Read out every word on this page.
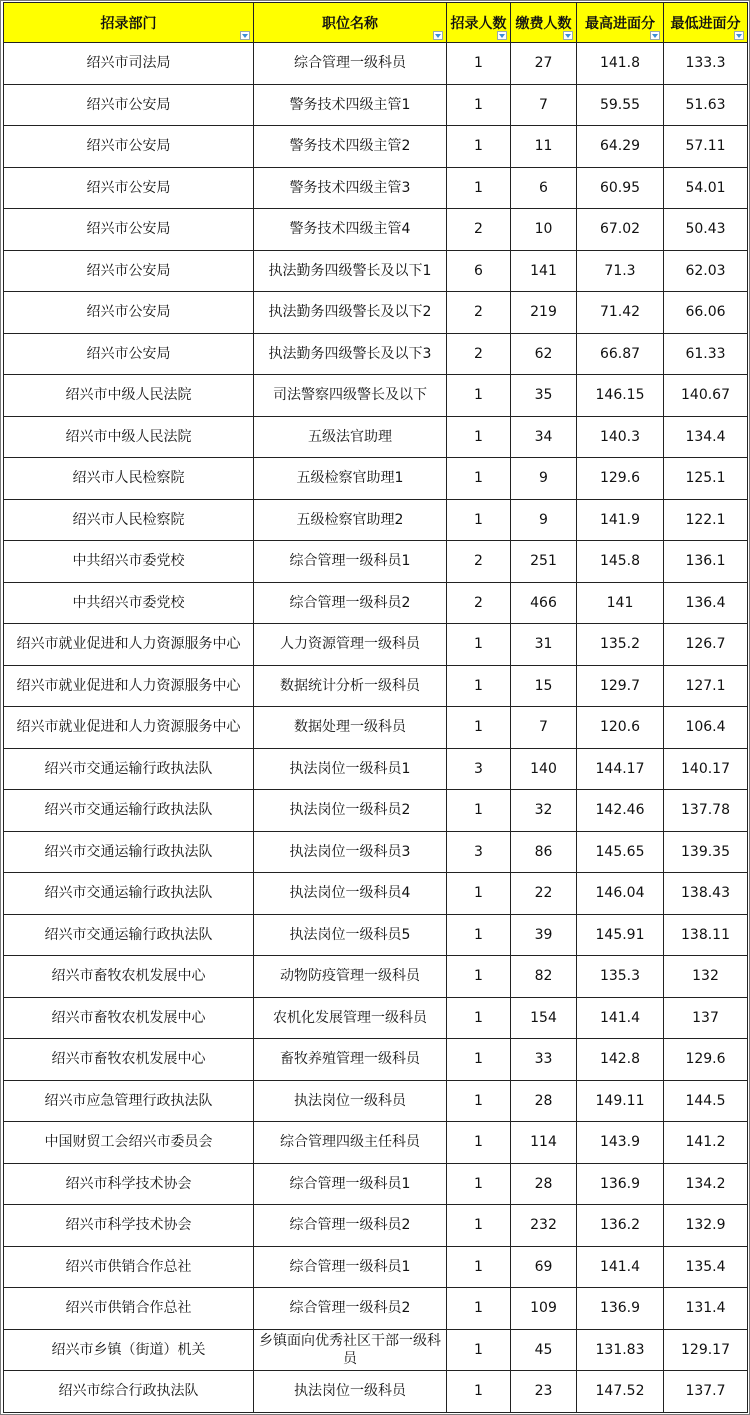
招录部门	职位名称	招录人数	缴费人数	最高进面分	最低进面分

绍兴市司法局	综合管理一级科员	1	27	141.8	133.3
绍兴市公安局	警务技术四级主管1	1	7	59.55	51.63
绍兴市公安局	警务技术四级主管2	1	11	64.29	57.11
绍兴市公安局	警务技术四级主管3	1	6	60.95	54.01
绍兴市公安局	警务技术四级主管4	2	10	67.02	50.43
绍兴市公安局	执法勤务四级警长及以下1	6	141	71.3	62.03
绍兴市公安局	执法勤务四级警长及以下2	2	219	71.42	66.06
绍兴市公安局	执法勤务四级警长及以下3	2	62	66.87	61.33
绍兴市中级人民法院	司法警察四级警长及以下	1	35	146.15	140.67
绍兴市中级人民法院	五级法官助理	1	34	140.3	134.4
绍兴市人民检察院	五级检察官助理1	1	9	129.6	125.1
绍兴市人民检察院	五级检察官助理2	1	9	141.9	122.1
中共绍兴市委党校	综合管理一级科员1	2	251	145.8	136.1
中共绍兴市委党校	综合管理一级科员2	2	466	141	136.4
绍兴市就业促进和人力资源服务中心	人力资源管理一级科员	1	31	135.2	126.7
绍兴市就业促进和人力资源服务中心	数据统计分析一级科员	1	15	129.7	127.1
绍兴市就业促进和人力资源服务中心	数据处理一级科员	1	7	120.6	106.4
绍兴市交通运输行政执法队	执法岗位一级科员1	3	140	144.17	140.17
绍兴市交通运输行政执法队	执法岗位一级科员2	1	32	142.46	137.78
绍兴市交通运输行政执法队	执法岗位一级科员3	3	86	145.65	139.35
绍兴市交通运输行政执法队	执法岗位一级科员4	1	22	146.04	138.43
绍兴市交通运输行政执法队	执法岗位一级科员5	1	39	145.91	138.11
绍兴市畜牧农机发展中心	动物防疫管理一级科员	1	82	135.3	132
绍兴市畜牧农机发展中心	农机化发展管理一级科员	1	154	141.4	137
绍兴市畜牧农机发展中心	畜牧养殖管理一级科员	1	33	142.8	129.6
绍兴市应急管理行政执法队	执法岗位一级科员	1	28	149.11	144.5
中国财贸工会绍兴市委员会	综合管理四级主任科员	1	114	143.9	141.2
绍兴市科学技术协会	综合管理一级科员1	1	28	136.9	134.2
绍兴市科学技术协会	综合管理一级科员2	1	232	136.2	132.9
绍兴市供销合作总社	综合管理一级科员1	1	69	141.4	135.4
绍兴市供销合作总社	综合管理一级科员2	1	109	136.9	131.4
绍兴市乡镇（街道）机关	乡镇面向优秀社区干部一级科员	1	45	131.83	129.17
绍兴市综合行政执法队	执法岗位一级科员	1	23	147.52	137.7
